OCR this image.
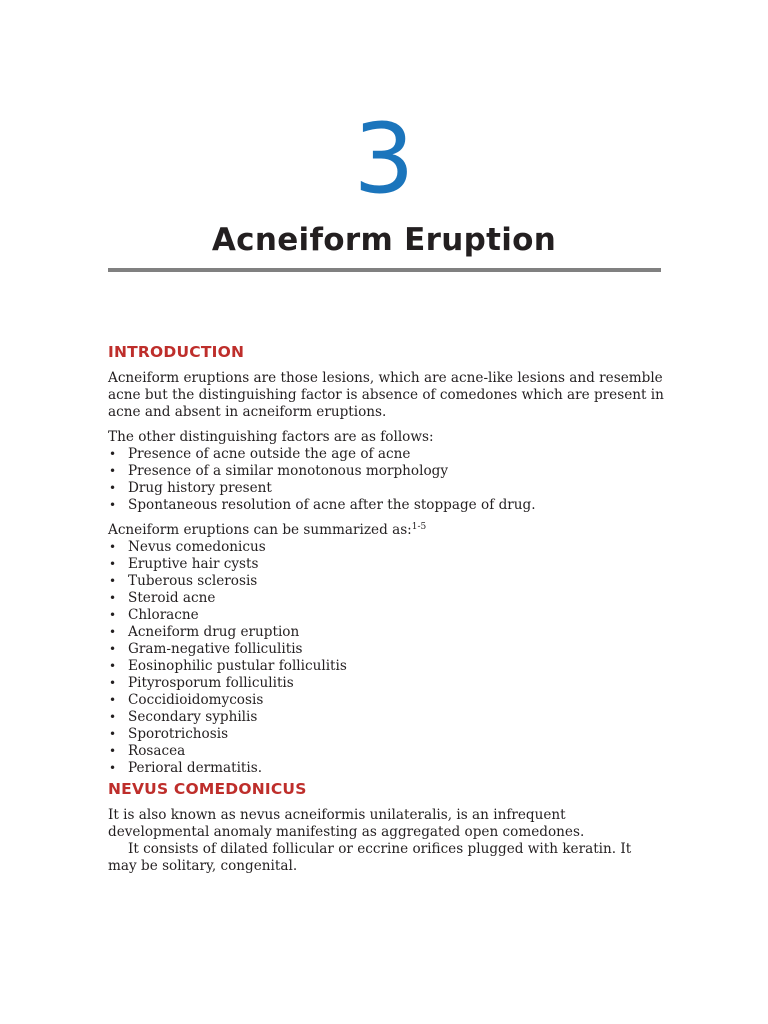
3
Acneiform Eruption
INTRODUCTION

Acneiform eruptions are those lesions, which are acne-like lesions and resemble acne but the distinguishing factor is absence of comedones which are present in acne and absent in acneiform eruptions.

The other distinguishing factors are as follows:

• Presence of acne outside the age of acne
• Presence of a similar monotonous morphology
• Drug history present
• Spontaneous resolution of acne after the stoppage of drug.

Acneiform eruptions can be summarized as:$^{1-5}$

• Nevus comedonicus
• Eruptive hair cysts
• Tuberous sclerosis
• Steroid acne
• Chloracne
• Acneiform drug eruption
• Gram-negative folliculitis
• Eosinophilic pustular folliculitis
• Pityrosporum folliculitis
• Coccidioidomycosis
• Secondary syphilis
• Sporotrichosis
• Rosacea
• Perioral dermatitis.
NEVUS COMEDONICUS

It is also known as nevus acneiformis unilateralis, is an infrequent developmental anomaly manifesting as aggregated open comedones.

It consists of dilated follicular or eccrine orifices plugged with keratin. It may be solitary, congenital.
